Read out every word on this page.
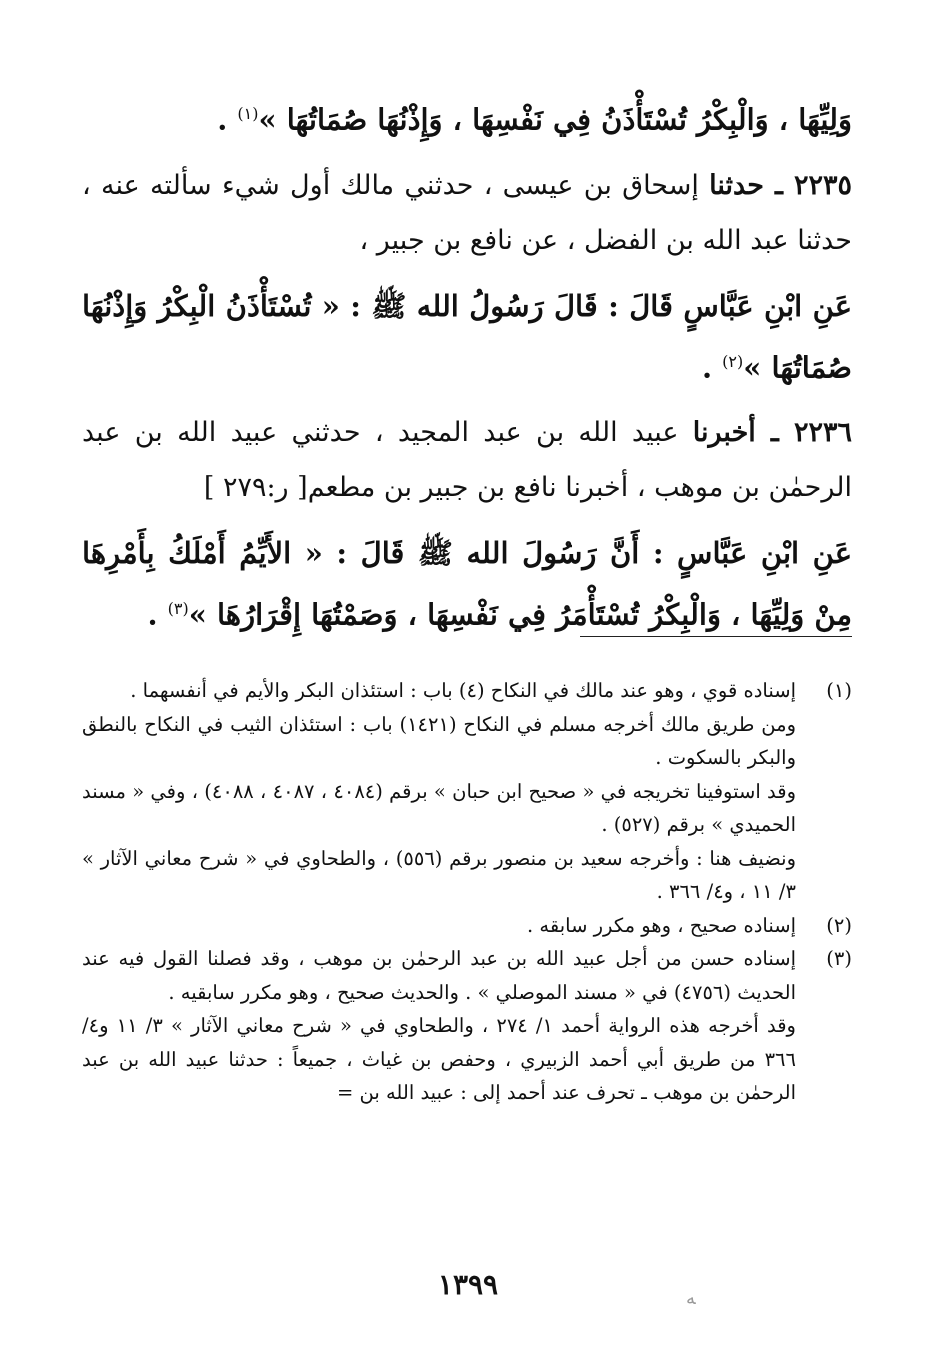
وَلِيِّهَا ، وَالْبِكْرُ تُسْتَأْذَنُ فِي نَفْسِهَا ، وَإِذْنُهَا صُمَاتُهَا »$^{(١)}$ .

٢٢٣٥ ـ حدثنا إسحاق بن عيسى ، حدثني مالك أول شيء سألته عنه ، حدثنا عبد الله بن الفضل ، عن نافع بن جبير ،

عَنِ ابْنِ عَبَّاسٍ قَالَ : قَالَ رَسُولُ الله ﷺ : « تُسْتَأْذَنُ الْبِكْرُ وَإِذْنُهَا صُمَاتُهَا »$^{(٢)}$ .

٢٢٣٦ ـ أخبرنا عبيد الله بن عبد المجيد ، حدثني عبيد الله بن عبد الرحمٰن بن موهب ، أخبرنا نافع بن جبير بن مطعم[ ر:٢٧٩ ]

عَنِ ابْنِ عَبَّاسٍ : أَنَّ رَسُولَ الله ﷺ قَالَ : « الأَيِّمُ أَمْلَكُ بِأَمْرِهَا مِنْ وَلِيِّهَا ، وَالْبِكْرُ تُسْتَأْمَرُ فِي نَفْسِهَا ، وَصَمْتُهَا إِقْرَارُهَا »$^{(٣)}$ .

(١)

إسناده قوي ، وهو عند مالك في النكاح (٤) باب : استئذان البكر والأيم في أنفسهما .

ومن طريق مالك أخرجه مسلم في النكاح (١٤٢١) باب : استئذان الثيب في النكاح بالنطق والبكر بالسكوت .

وقد استوفينا تخريجه في « صحيح ابن حبان » برقم (٤٠٨٤ ، ٤٠٨٧ ، ٤٠٨٨) ، وفي « مسند الحميدي » برقم (٥٢٧) .

ونضيف هنا : وأخرجه سعيد بن منصور برقم (٥٥٦) ، والطحاوي في « شرح معاني الآثار » ٣/ ١١ ، و٤/ ٣٦٦ .

(٢)

إسناده صحيح ، وهو مكرر سابقه .

(٣)

إسناده حسن من أجل عبيد الله بن عبد الرحمٰن بن موهب ، وقد فصلنا القول فيه عند الحديث (٤٧٥٦) في « مسند الموصلي » . والحديث صحيح ، وهو مكرر سابقيه .

وقد أخرجه هذه الرواية أحمد ١/ ٢٧٤ ، والطحاوي في « شرح معاني الآثار » ٣/ ١١ و٤/ ٣٦٦ من طريق أبي أحمد الزبيري ، وحفص بن غياث ، جميعاً : حدثنا عبيد الله بن عبد الرحمٰن بن موهب ـ تحرف عند أحمد إلى : عبيد الله بن =

١٣٩٩	ﻪ
